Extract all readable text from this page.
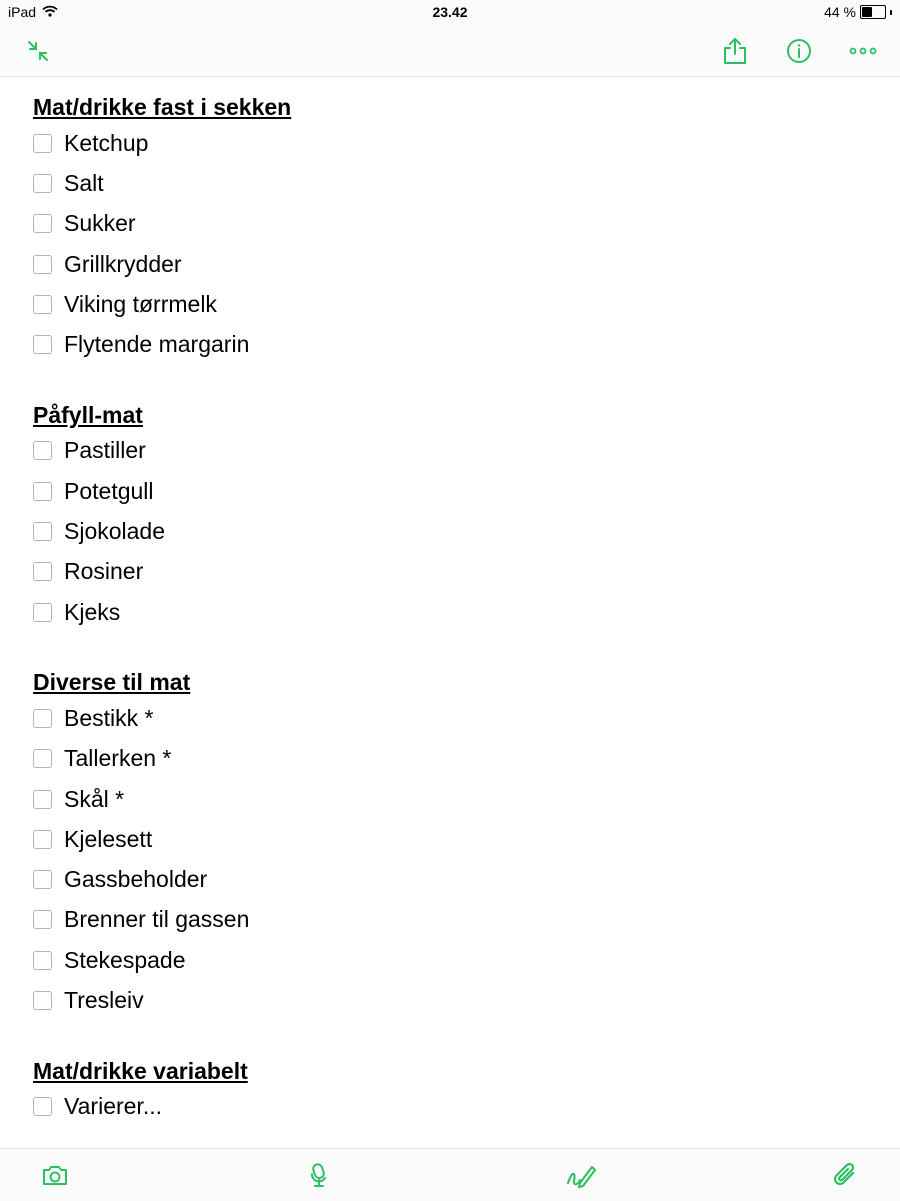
iPad	23.42	44 %
Mat/drikke fast i sekken
Ketchup
Salt
Sukker
Grillkrydder
Viking tørrmelk
Flytende margarin
Påfyll-mat
Pastiller
Potetgull
Sjokolade
Rosiner
Kjeks
Diverse til mat
Bestikk *
Tallerken *
Skål *
Kjelesett
Gassbeholder
Brenner til gassen
Stekespade
Tresleiv
Mat/drikke variabelt
Varierer...
